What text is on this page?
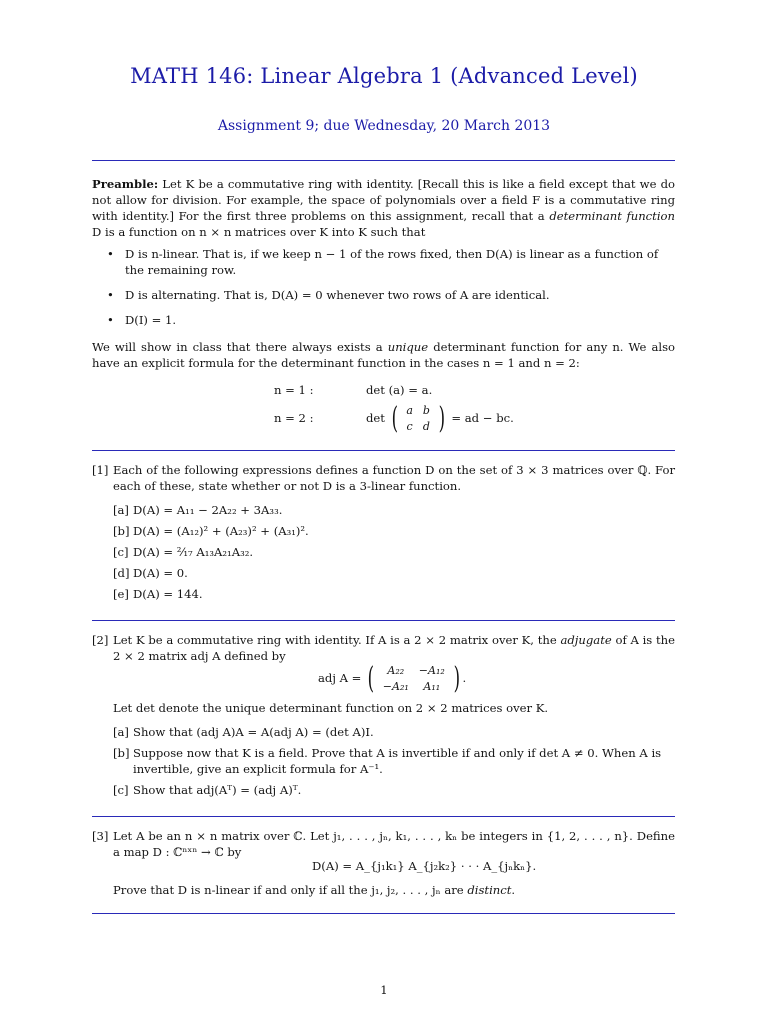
MATH 146: Linear Algebra 1 (Advanced Level)
Assignment 9; due Wednesday, 20 March 2013
Preamble: Let K be a commutative ring with identity. [Recall this is like a field except that we do not allow for division. For example, the space of polynomials over a field F is a commutative ring with identity.] For the first three problems on this assignment, recall that a determinant function D is a function on n × n matrices over K into K such that
• D is n-linear. That is, if we keep n − 1 of the rows fixed, then D(A) is linear as a function of the remaining row.
• D is alternating. That is, D(A) = 0 whenever two rows of A are identical.
• D(I) = 1.
We will show in class that there always exists a unique determinant function for any n. We also have an explicit formula for the determinant function in the cases n = 1 and n = 2:
n = 1 :	det (a) = a.
n = 2 :	det ( a	b
c	d ) = ad − bc.
[1] Each of the following expressions defines a function D on the set of 3 × 3 matrices over ℚ. For each of these, state whether or not D is a 3-linear function.
[a] D(A) = A₁₁ − 2A₂₂ + 3A₃₃.
[b] D(A) = (A₁₂)² + (A₂₃)² + (A₃₁)².
[c] D(A) = ²⁄₁₇ A₁₃A₂₁A₃₂.
[d] D(A) = 0.
[e] D(A) = 144.
[2] Let K be a commutative ring with identity. If A is a 2 × 2 matrix over K, the adjugate of A is the 2 × 2 matrix adj A defined by
adj A = ( A₂₂	−A₁₂
−A₂₁	A₁₁ ) .
Let det denote the unique determinant function on 2 × 2 matrices over K.
[a] Show that (adj A)A = A(adj A) = (det A)I.
[b] Suppose now that K is a field. Prove that A is invertible if and only if det A ≠ 0. When A is invertible, give an explicit formula for A⁻¹.
[c] Show that adj(Aᵀ) = (adj A)ᵀ.
[3] Let A be an n × n matrix over ℂ. Let j₁, . . . , jₙ, k₁, . . . , kₙ be integers in {1, 2, . . . , n}. Define a map D : ℂⁿˣⁿ → ℂ by
D(A) = A_{j₁k₁} A_{j₂k₂} · · · A_{jₙkₙ}.
Prove that D is n-linear if and only if all the j₁, j₂, . . . , jₙ are distinct.
1
